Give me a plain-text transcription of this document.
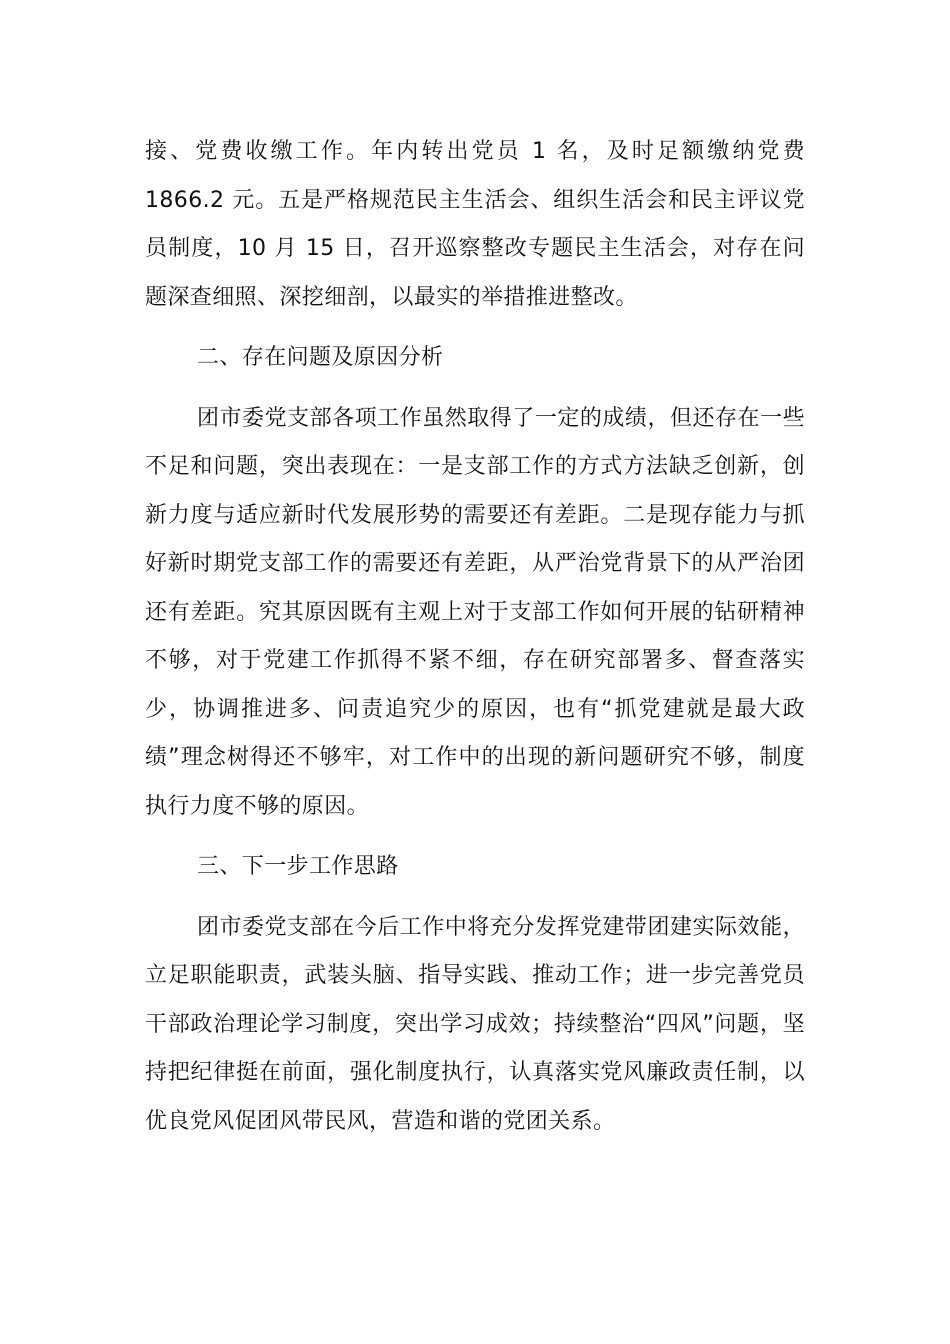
接、党费收缴工作。年内转出党员 1 名，及时足额缴纳党费 1866.2 元。五是严格规范民主生活会、组织生活会和民主评议党员制度，10 月 15 日，召开巡察整改专题民主生活会，对存在问题深查细照、深挖细剖，以最实的举措推进整改。

二、存在问题及原因分析

团市委党支部各项工作虽然取得了一定的成绩，但还存在一些不足和问题，突出表现在：一是支部工作的方式方法缺乏创新，创新力度与适应新时代发展形势的需要还有差距。二是现存能力与抓好新时期党支部工作的需要还有差距，从严治党背景下的从严治团还有差距。究其原因既有主观上对于支部工作如何开展的钻研精神不够，对于党建工作抓得不紧不细，存在研究部署多、督查落实少，协调推进多、问责追究少的原因，也有“抓党建就是最大政绩”理念树得还不够牢，对工作中的出现的新问题研究不够，制度执行力度不够的原因。

三、下一步工作思路

团市委党支部在今后工作中将充分发挥党建带团建实际效能，立足职能职责，武装头脑、指导实践、推动工作；进一步完善党员干部政治理论学习制度，突出学习成效；持续整治“四风”问题，坚持把纪律挺在前面，强化制度执行，认真落实党风廉政责任制，以优良党风促团风带民风，营造和谐的党团关系。
